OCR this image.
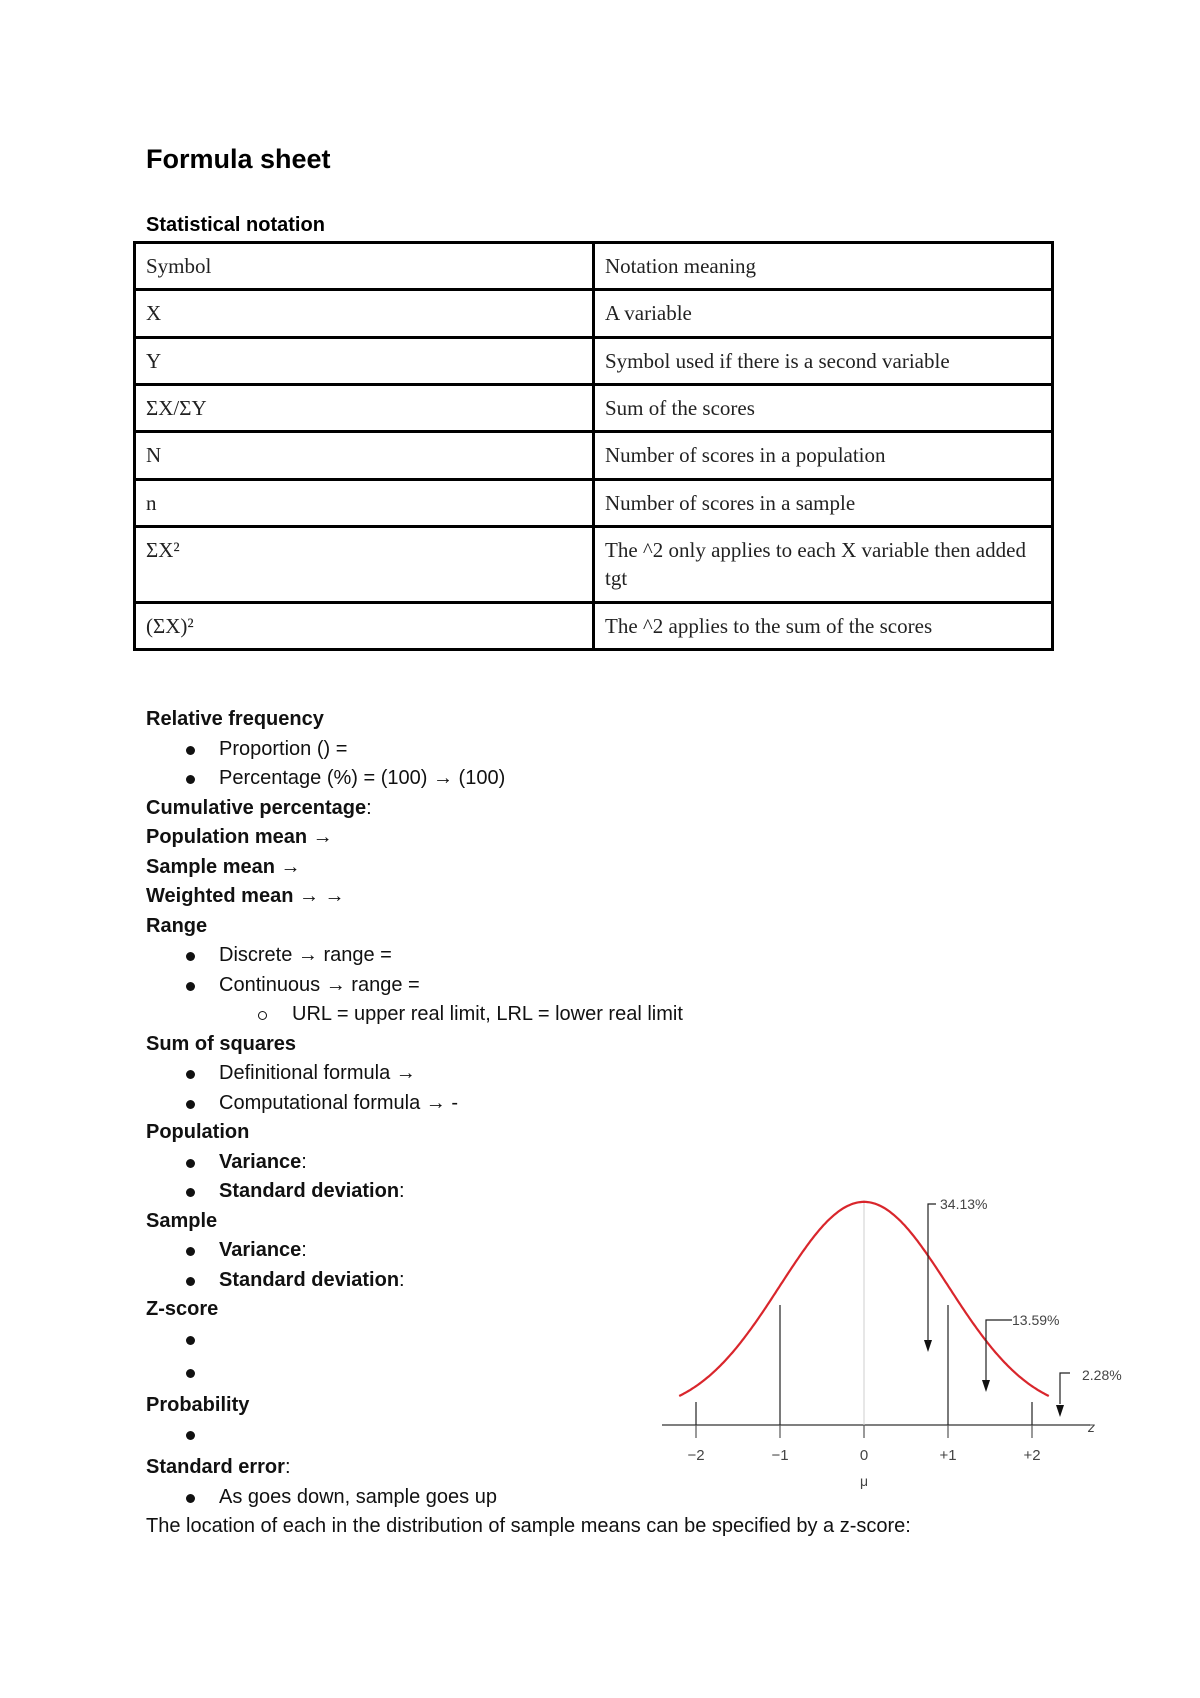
Formula sheet
Statistical notation
Symbol	Notation meaning
X	A variable
Y	Symbol used if there is a second variable
ΣX/ΣY	Sum of the scores
N	Number of scores in a population
n	Number of scores in a sample
ΣX²	The ^2 only applies to each X variable then added tgt
(ΣX)²	The ^2 applies to the sum of the scores
Relative frequency
Proportion () =
Percentage (%) = (100) → (100)
Cumulative percentage:
Population mean →
Sample mean →
Weighted mean → →
Range
Discrete → range =
Continuous → range =
URL = upper real limit, LRL = lower real limit
Sum of squares
Definitional formula →
Computational formula → -
Population
Variance:
Standard deviation:
Sample
Variance:
Standard deviation:
Z-score
Probability
Standard error:
As goes down, sample goes up
The location of each in the distribution of sample means can be specified by a z-score:
34.13%
13.59%
2.28%
−2	−1	0	+1	+2
μ
z
